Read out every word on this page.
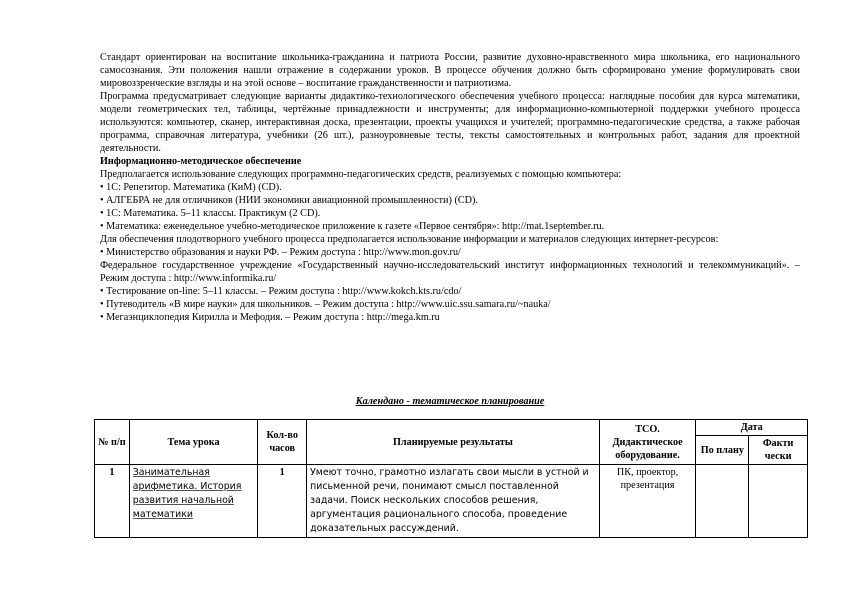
Стандарт ориентирован на воспитание школьника-гражданина и патриота России, развитие духовно-нравственного мира школьника, его национального самосознания. Эти положения нашли отражение в содержании уроков. В процессе обучения должно быть сформировано умение формулировать свои мировоззренческие взгляды и на этой основе – воспитание гражданственности и патриотизма.

Программа предусматривает следующие варианты дидактико-технологического обеспечения учебного процесса: наглядные пособия для курса математики, модели геометрических тел, таблицы, чертёжные принадлежности и инструменты; для информационно-компьютерной поддержки учебного процесса используются: компьютер, сканер, интерактивная доска, презентации, проекты учащихся и учителей; программно-педагогические средства, а также рабочая программа, справочная литература, учебники (26 шт.), разноуровневые тесты, тексты самостоятельных и контрольных работ, задания для проектной деятельности.

Информационно-методическое обеспечение

Предполагается использование следующих программно-педагогических средств, реализуемых с помощью компьютера:

• 1С: Репетитор. Математика (КиМ) (CD).

• АЛГЕБРА не для отличников (НИИ экономики авиационной промышленности) (CD).

• 1С: Математика. 5–11 классы. Практикум (2 CD).

• Математика: еженедельное учебно-методическое приложение к газете «Первое сентября»: http://mat.1september.ru.

Для обеспечения плодотворного учебного процесса предполагается использование информации и материалов следующих интернет-ресурсов:

• Министерство образования и науки РФ. – Режим доступа : http://www.mon.gov.ru/

Федеральное государственное учреждение «Государственный научно-исследовательский институт информационных технологий и телекоммуникаций». – Режим доступа : http://www.informika.ru/

• Тестирование on-line: 5–11 классы. – Режим доступа : http://www.kokch.kts.ru/cdo/

• Путеводитель «В мире науки» для школьников. – Режим доступа : http://www.uic.ssu.samara.ru/~nauka/

• Мегаэнциклопедия Кирилла и Мефодия. – Режим доступа : http://mega.km.ru

Календано - тематическое планирование
№ п/п	Тема урока	Кол-во часов	Планируемые результаты	ТСО. Дидактическое оборудование.	Дата	
					По плану	Факти чески
1	Занимательная арифметика. История развития начальной математики	1	Умеют точно, грамотно излагать свои мысли в устной и письменной речи, понимают смысл поставленной задачи. Поиск нескольких способов решения, аргументация рационального способа, проведение доказательных рассуждений.	ПК, проектор, презентация		
